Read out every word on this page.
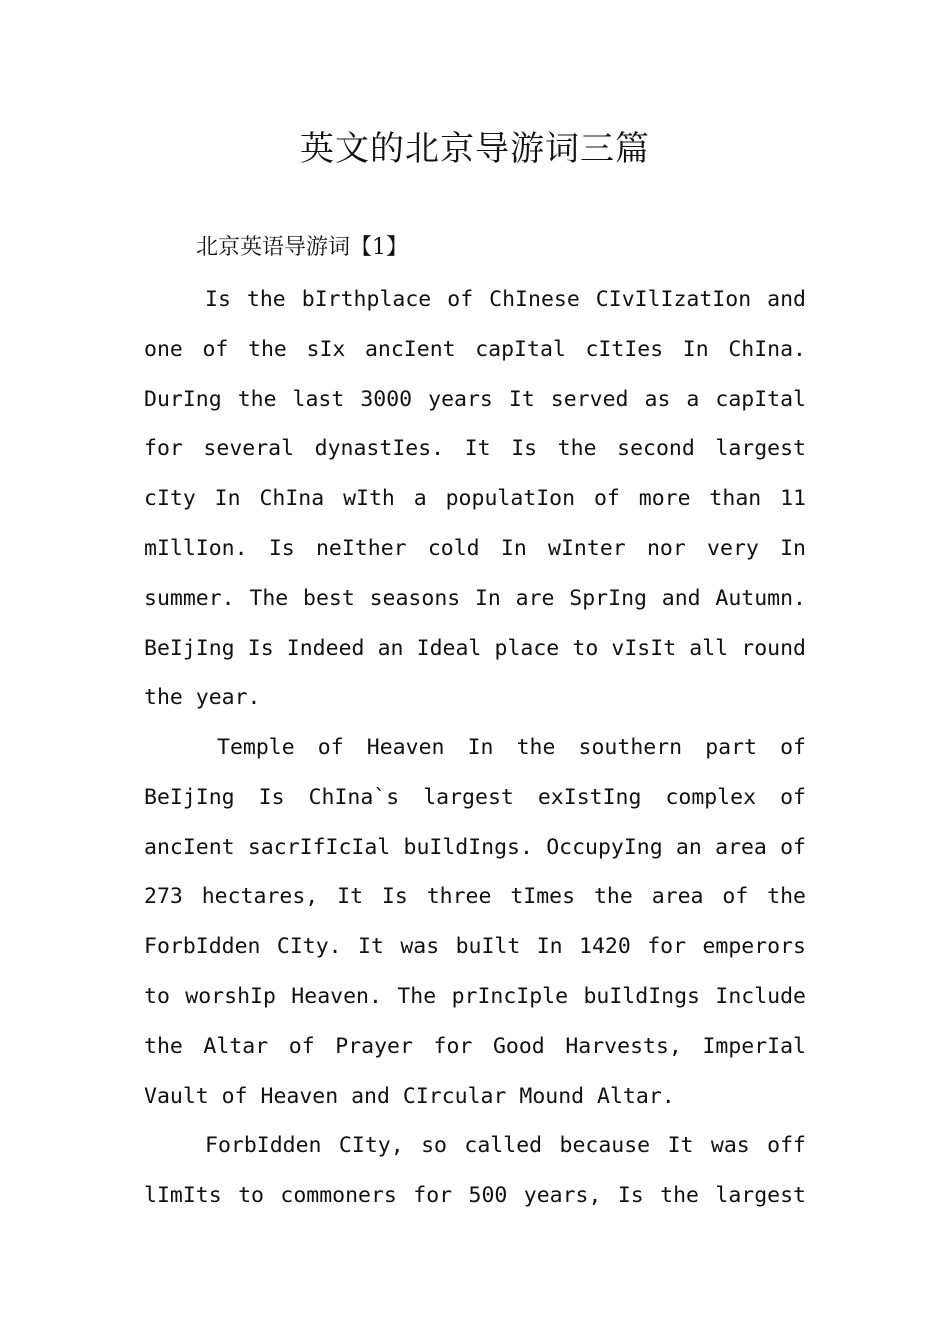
英文的北京导游词三篇
北京英语导游词【1】
Is the bIrthplace of ChInese CIvIlIzatIon and
one of the sIx ancIent capItal cItIes In ChIna.
DurIng the last 3000 years It served as a capItal
for several dynastIes. It Is the second largest
cIty In ChIna wIth a populatIon of more than 11
mIllIon. Is neIther cold In wInter nor very In
summer. The best seasons In are SprIng and Autumn.
BeIjIng Is Indeed an Ideal place to vIsIt all round
the year.
Temple of Heaven In the southern part of
BeIjIng Is ChIna`s largest exIstIng complex of
ancIent sacrIfIcIal buIldIngs. OccupyIng an area of
273 hectares, It Is three tImes the area of the
ForbIdden CIty. It was buIlt In 1420 for emperors
to worshIp Heaven. The prIncIple buIldIngs Include
the Altar of Prayer for Good Harvests, ImperIal
Vault of Heaven and CIrcular Mound Altar.
ForbIdden CIty, so called because It was off
lImIts to commoners for 500 years, Is the largest
